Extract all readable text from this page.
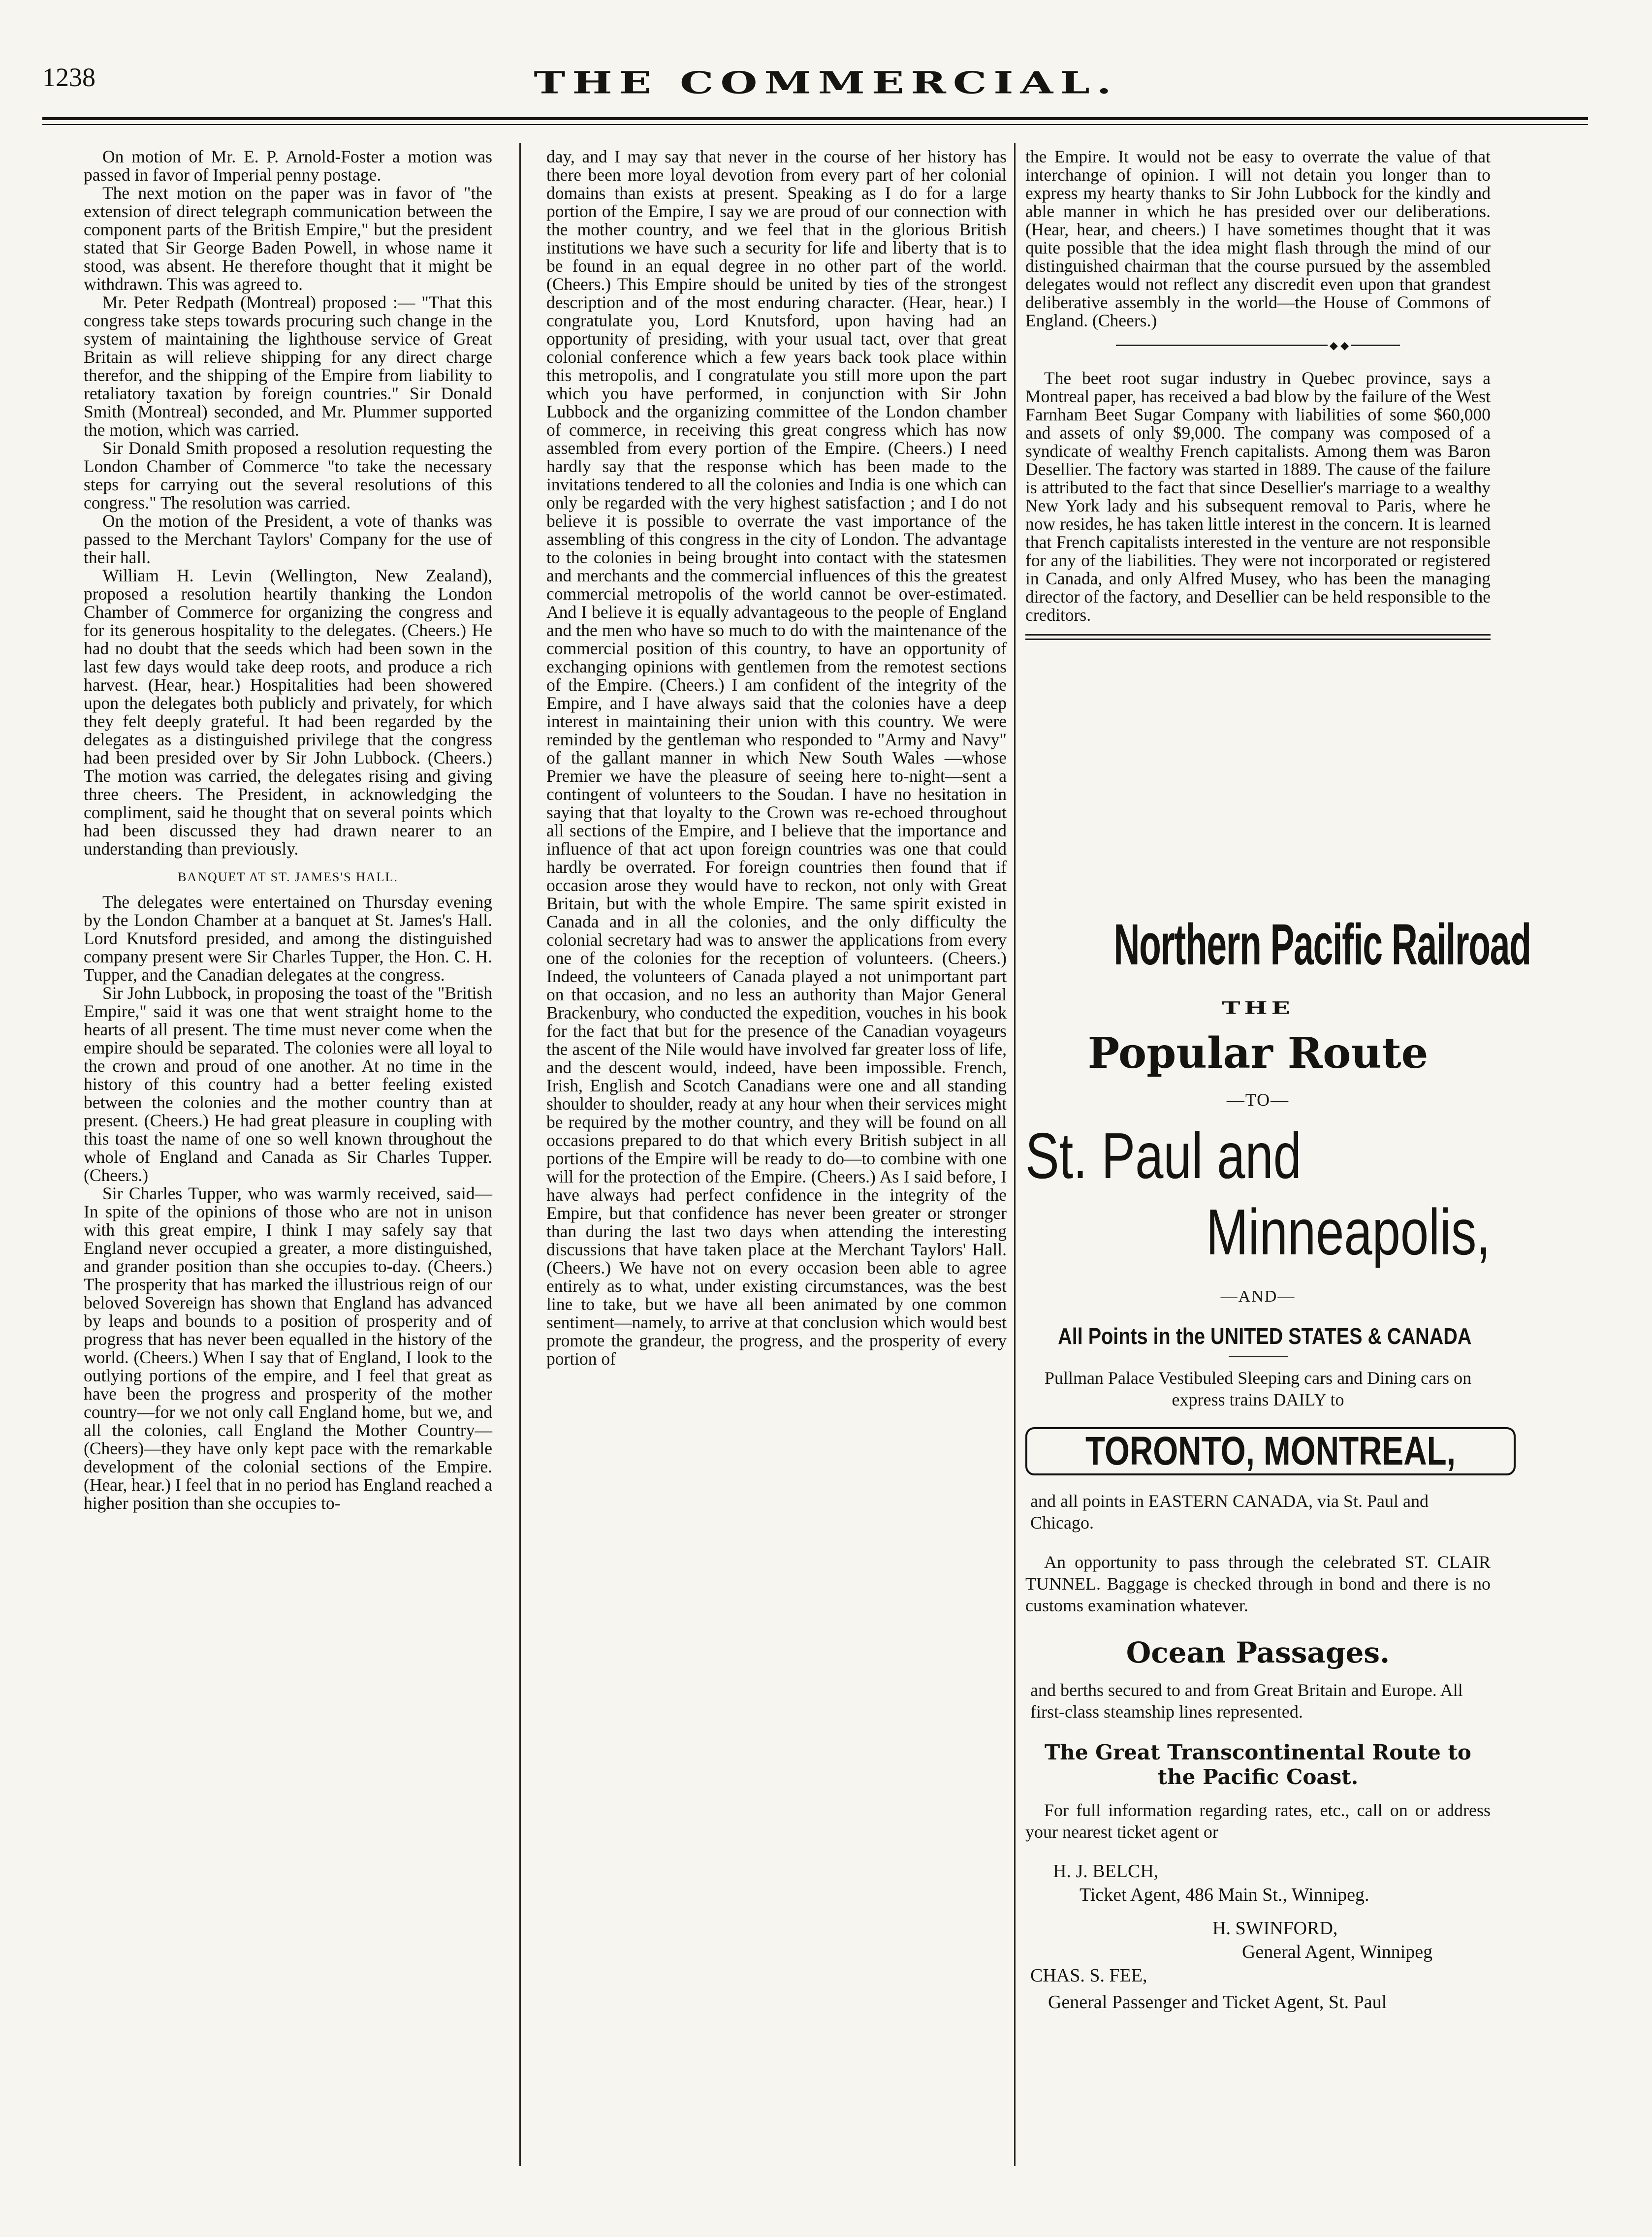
1238	THE COMMERCIAL.

On motion of Mr. E. P. Arnold-Foster a motion was passed in favor of Imperial penny postage.

The next motion on the paper was in favor of "the extension of direct telegraph communication between the component parts of the British Empire," but the president stated that Sir George Baden Powell, in whose name it stood, was absent. He therefore thought that it might be withdrawn. This was agreed to.

Mr. Peter Redpath (Montreal) proposed :— "That this congress take steps towards procuring such change in the system of maintaining the lighthouse service of Great Britain as will relieve shipping for any direct charge therefor, and the shipping of the Empire from liability to retaliatory taxation by foreign countries." Sir Donald Smith (Montreal) seconded, and Mr. Plummer supported the motion, which was carried.

Sir Donald Smith proposed a resolution requesting the London Chamber of Commerce "to take the necessary steps for carrying out the several resolutions of this congress." The resolution was carried.

On the motion of the President, a vote of thanks was passed to the Merchant Taylors' Company for the use of their hall.

William H. Levin (Wellington, New Zealand), proposed a resolution heartily thanking the London Chamber of Commerce for organizing the congress and for its generous hospitality to the delegates. (Cheers.) He had no doubt that the seeds which had been sown in the last few days would take deep roots, and produce a rich harvest. (Hear, hear.) Hospitalities had been showered upon the delegates both publicly and privately, for which they felt deeply grateful. It had been regarded by the delegates as a distinguished privilege that the congress had been presided over by Sir John Lubbock. (Cheers.) The motion was carried, the delegates rising and giving three cheers. The President, in acknowledging the compliment, said he thought that on several points which had been discussed they had drawn nearer to an understanding than previously.

BANQUET AT ST. JAMES'S HALL.

The delegates were entertained on Thursday evening by the London Chamber at a banquet at St. James's Hall. Lord Knutsford presided, and among the distinguished company present were Sir Charles Tupper, the Hon. C. H. Tupper, and the Canadian delegates at the congress.

Sir John Lubbock, in proposing the toast of the "British Empire," said it was one that went straight home to the hearts of all present. The time must never come when the empire should be separated. The colonies were all loyal to the crown and proud of one another. At no time in the history of this country had a better feeling existed between the colonies and the mother country than at present. (Cheers.) He had great pleasure in coupling with this toast the name of one so well known throughout the whole of England and Canada as Sir Charles Tupper. (Cheers.)

Sir Charles Tupper, who was warmly received, said—In spite of the opinions of those who are not in unison with this great empire, I think I may safely say that England never occupied a greater, a more distinguished, and grander position than she occupies to-day. (Cheers.) The prosperity that has marked the illustrious reign of our beloved Sovereign has shown that England has advanced by leaps and bounds to a position of prosperity and of progress that has never been equalled in the history of the world. (Cheers.) When I say that of England, I look to the outlying portions of the empire, and I feel that great as have been the progress and prosperity of the mother country—for we not only call England home, but we, and all the colonies, call England the Mother Country—(Cheers)—they have only kept pace with the remarkable development of the colonial sections of the Empire. (Hear, hear.) I feel that in no period has England reached a higher position than she occupies to-

day, and I may say that never in the course of her history has there been more loyal devotion from every part of her colonial domains than exists at present. Speaking as I do for a large portion of the Empire, I say we are proud of our connection with the mother country, and we feel that in the glorious British institutions we have such a security for life and liberty that is to be found in an equal degree in no other part of the world. (Cheers.) This Empire should be united by ties of the strongest description and of the most enduring character. (Hear, hear.) I congratulate you, Lord Knutsford, upon having had an opportunity of presiding, with your usual tact, over that great colonial conference which a few years back took place within this metropolis, and I congratulate you still more upon the part which you have performed, in conjunction with Sir John Lubbock and the organizing committee of the London chamber of commerce, in receiving this great congress which has now assembled from every portion of the Empire. (Cheers.) I need hardly say that the response which has been made to the invitations tendered to all the colonies and India is one which can only be regarded with the very highest satisfaction ; and I do not believe it is possible to overrate the vast importance of the assembling of this congress in the city of London. The advantage to the colonies in being brought into contact with the statesmen and merchants and the commercial influences of this the greatest commercial metropolis of the world cannot be over-estimated. And I believe it is equally advantageous to the people of England and the men who have so much to do with the maintenance of the commercial position of this country, to have an opportunity of exchanging opinions with gentlemen from the remotest sections of the Empire. (Cheers.) I am confident of the integrity of the Empire, and I have always said that the colonies have a deep interest in maintaining their union with this country. We were reminded by the gentleman who responded to "Army and Navy" of the gallant manner in which New South Wales —whose Premier we have the pleasure of seeing here to-night—sent a contingent of volunteers to the Soudan. I have no hesitation in saying that that loyalty to the Crown was re-echoed throughout all sections of the Empire, and I believe that the importance and influence of that act upon foreign countries was one that could hardly be overrated. For foreign countries then found that if occasion arose they would have to reckon, not only with Great Britain, but with the whole Empire. The same spirit existed in Canada and in all the colonies, and the only difficulty the colonial secretary had was to answer the applications from every one of the colonies for the reception of volunteers. (Cheers.) Indeed, the volunteers of Canada played a not unimportant part on that occasion, and no less an authority than Major General Brackenbury, who conducted the expedition, vouches in his book for the fact that but for the presence of the Canadian voyageurs the ascent of the Nile would have involved far greater loss of life, and the descent would, indeed, have been impossible. French, Irish, English and Scotch Canadians were one and all standing shoulder to shoulder, ready at any hour when their services might be required by the mother country, and they will be found on all occasions prepared to do that which every British subject in all portions of the Empire will be ready to do—to combine with one will for the protection of the Empire. (Cheers.) As I said before, I have always had perfect confidence in the integrity of the Empire, but that confidence has never been greater or stronger than during the last two days when attending the interesting discussions that have taken place at the Merchant Taylors' Hall. (Cheers.) We have not on every occasion been able to agree entirely as to what, under existing circumstances, was the best line to take, but we have all been animated by one common sentiment—namely, to arrive at that conclusion which would best promote the grandeur, the progress, and the prosperity of every portion of

the Empire. It would not be easy to overrate the value of that interchange of opinion. I will not detain you longer than to express my hearty thanks to Sir John Lubbock for the kindly and able manner in which he has presided over our deliberations. (Hear, hear, and cheers.) I have sometimes thought that it was quite possible that the idea might flash through the mind of our distinguished chairman that the course pursued by the assembled delegates would not reflect any discredit even upon that grandest deliberative assembly in the world—the House of Commons of England. (Cheers.)

◆ ◆

The beet root sugar industry in Quebec province, says a Montreal paper, has received a bad blow by the failure of the West Farnham Beet Sugar Company with liabilities of some $60,000 and assets of only $9,000. The company was composed of a syndicate of wealthy French capitalists. Among them was Baron Desellier. The factory was started in 1889. The cause of the failure is attributed to the fact that since Desellier's marriage to a wealthy New York lady and his subsequent removal to Paris, where he now resides, he has taken little interest in the concern. It is learned that French capitalists interested in the venture are not responsible for any of the liabilities. They were not incorporated or registered in Canada, and only Alfred Musey, who has been the managing director of the factory, and Desellier can be held responsible to the creditors.

Northern Pacific Railroad
THE
Popular Route
—TO—
St. Paul and
Minneapolis,
—AND—
All Points in the UNITED STATES & CANADA
Pullman Palace Vestibuled Sleeping cars and Dining cars on express trains DAILY to
TORONTO, MONTREAL,
and all points in EASTERN CANADA, via St. Paul and Chicago.
An opportunity to pass through the celebrated ST. CLAIR TUNNEL. Baggage is checked through in bond and there is no customs examination whatever.
Ocean Passages.
and berths secured to and from Great Britain and Europe. All first-class steamship lines represented.
The Great Transcontinental Route to the Pacific Coast.
For full information regarding rates, etc., call on or address your nearest ticket agent or
H. J. BELCH,
Ticket Agent, 486 Main St., Winnipeg.
H. SWINFORD,
General Agent, Winnipeg
CHAS. S. FEE,
General Passenger and Ticket Agent, St. Paul
